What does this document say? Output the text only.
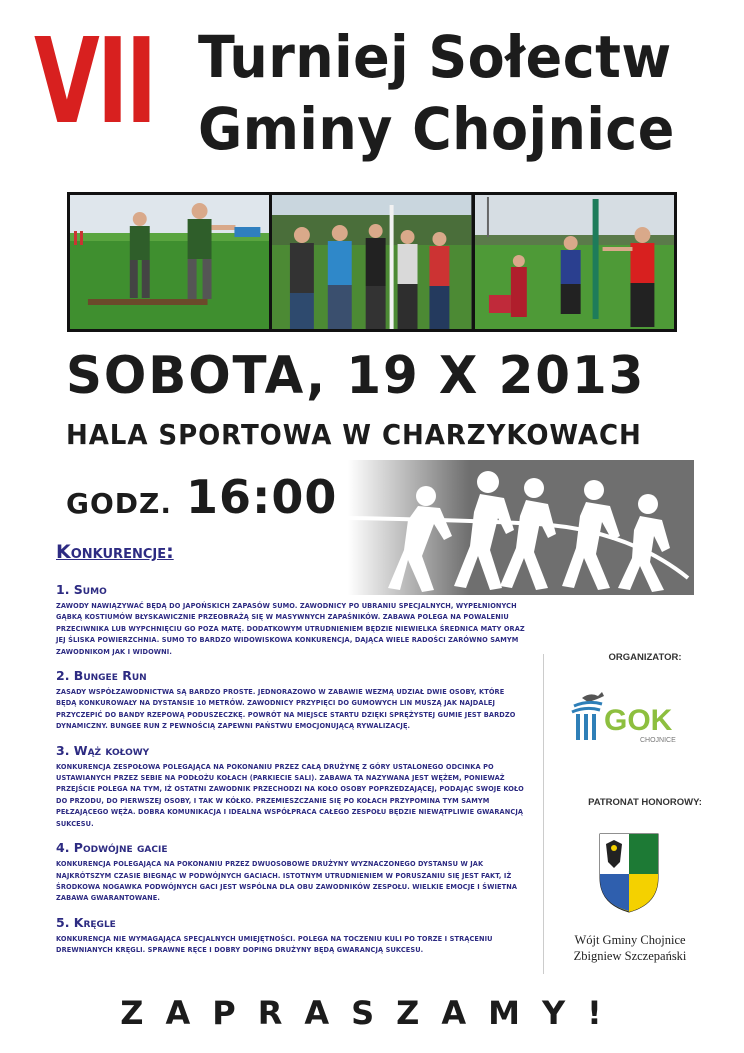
VII Turniej Sołectw
Gminy Chojnice
SOBOTA, 19 X 2013
HALA SPORTOWA W CHARZYKOWACH
GODZ. 16:00
Konkurencje:
1. Sumo
ZAWODY NAWIĄZYWAĆ BĘDĄ DO JAPOŃSKICH ZAPASÓW SUMO. ZAWODNICY PO UBRANIU SPECJALNYCH, WYPEŁNIONYCH GĄBKĄ KOSTIUMÓW BŁYSKAWICZNIE PRZEOBRAŻĄ SIĘ W MASYWNYCH ZAPAŚNIKÓW. ZABAWA POLEGA NA POWALENIU PRZECIWNIKA LUB WYPCHNIĘCIU GO POZA MATĘ. DODATKOWYM UTRUDNIENIEM BĘDZIE NIEWIELKA ŚREDNICA MATY ORAZ JEJ ŚLISKA POWIERZCHNIA. SUMO TO BARDZO WIDOWISKOWA KONKURENCJA, DAJĄCA WIELE RADOŚCI ZARÓWNO SAMYM ZAWODNIKOM JAK I WIDOWNI.
2. Bungee Run
ZASADY WSPÓŁZAWODNICTWA SĄ BARDZO PROSTE. JEDNORAZOWO W ZABAWIE WEZMĄ UDZIAŁ DWIE OSOBY, KTÓRE BĘDĄ KONKUROWAŁY NA DYSTANSIE 10 METRÓW. ZAWODNICY PRZYPIĘCI DO GUMOWYCH LIN MUSZĄ JAK NAJDALEJ PRZYCZEPIĆ DO BANDY RZEPOWĄ PODUSZECZKĘ. POWRÓT NA MIEJSCE STARTU DZIĘKI SPRĘŻYSTEJ GUMIE JEST BARDZO DYNAMICZNY. BUNGEE RUN Z PEWNOŚCIĄ ZAPEWNI PAŃSTWU EMOCJONUJĄCĄ RYWALIZACJĘ.
3. Wąż kołowy
KONKURENCJA ZESPOŁOWA POLEGAJĄCA NA POKONANIU PRZEZ CAŁĄ DRUŻYNĘ Z GÓRY USTALONEGO ODCINKA PO USTAWIANYCH PRZEZ SEBIE NA PODŁOŻU KOŁACH (PARKIECIE SALI). ZABAWA TA NAZYWANA JEST WĘŻEM, PONIEWAŻ PRZEJŚCIE POLEGA NA TYM, IŻ OSTATNI ZAWODNIK PRZECHODZI NA KOŁO OSOBY POPRZEDZAJĄCEJ, PODAJĄC SWOJE KOŁO DO PRZODU, DO PIERWSZEJ OSOBY, I TAK W KÓŁKO. PRZEMIESZCZANIE SIĘ PO KOŁACH PRZYPOMINA TYM SAMYM PEŁZAJĄCEGO WĘŻA. DOBRA KOMUNIKACJA I IDEALNA WSPÓŁPRACA CAŁEGO ZESPOŁU BĘDZIE NIEWĄTPLIWIE GWARANCJĄ SUKCESU.
4. Podwójne gacie
KONKURENCJA POLEGAJĄCA NA POKONANIU PRZEZ DWUOSOBOWE DRUŻYNY WYZNACZONEGO DYSTANSU W JAK NAJKRÓTSZYM CZASIE BIEGNĄC W PODWÓJNYCH GACIACH. ISTOTNYM UTRUDNIENIEM W PORUSZANIU SIĘ JEST FAKT, IŻ ŚRODKOWA NOGAWKA PODWÓJNYCH GACI JEST WSPÓLNA DLA OBU ZAWODNIKÓW ZESPOŁU. WIELKIE EMOCJE I ŚWIETNA ZABAWA GWARANTOWANE.
5. Kręgle
KONKURENCJA NIE WYMAGAJĄCA SPECJALNYCH UMIEJĘTNOŚCI. POLEGA NA TOCZENIU KULI PO TORZE I STRĄCENIU DREWNIANYCH KRĘGLI. SPRAWNE RĘCE I DOBRY DOPING DRUŻYNY BĘDĄ GWARANCJĄ SUKCESU.
ORGANIZATOR:
GOK
CHOJNICE
PATRONAT HONOROWY:
Wójt Gminy Chojnice
Zbigniew Szczepański
ZAPRASZAMY!
